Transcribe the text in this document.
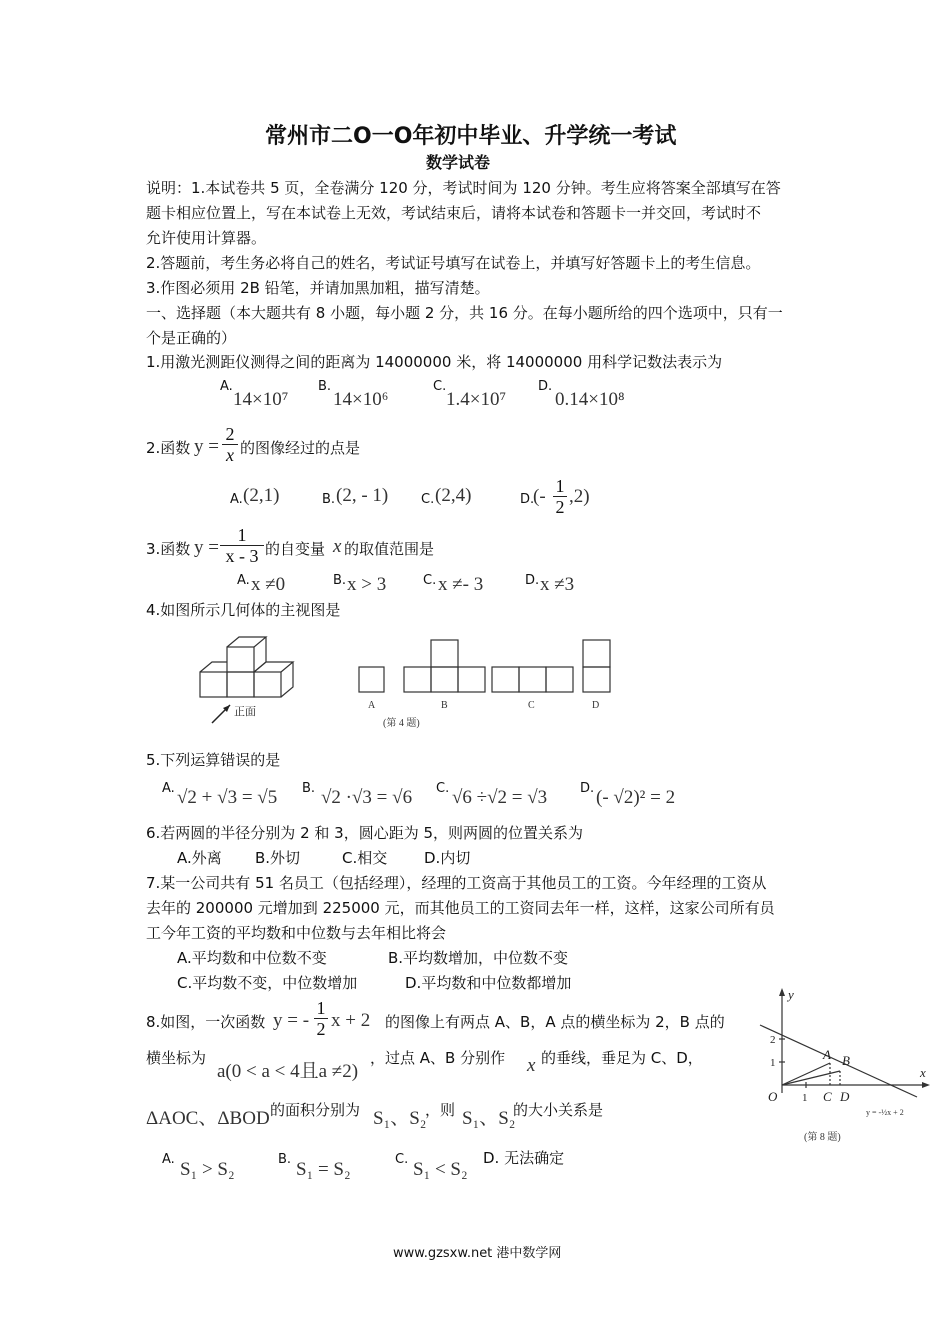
常州市二O一O年初中毕业、升学统一考试
数学试卷
说明：1.本试卷共 5 页，全卷满分 120 分，考试时间为 120 分钟。考生应将答案全部填写在答
题卡相应位置上，写在本试卷上无效，考试结束后，请将本试卷和答题卡一并交回，考试时不
允许使用计算器。
2.答题前，考生务必将自己的姓名，考试证号填写在试卷上，并填写好答题卡上的考生信息。
3.作图必须用 2B 铅笔，并请加黑加粗，描写清楚。
一、选择题（本大题共有 8 小题，每小题 2 分，共 16 分。在每小题所给的四个选项中，只有一
个是正确的）
1.用激光测距仪测得之间的距离为 14000000 米，将 14000000 用科学记数法表示为
A.
14×10⁷
B.
14×10⁶
C.
1.4×10⁷
D.
0.14×10⁸
2.函数 $y = \frac{2}{x}$ 的图像经过的点是
A. (2,1)	B. (2, - 1)	C. (2,4)	D.
(- $\frac{1}{2} ,2$)
3.函数 $y = \frac{1}{x - 3}$ 的自变量 x 的取值范围是
A. x ≠0	B. x > 3	C. x ≠- 3	D. x ≠3
4.如图所示几何体的主视图是
正面
A	B	C	D
(第 4 题)
5.下列运算错误的是
A. √2 + √3 = √5 B. √2 ·√3 = √6 C. √6 ÷√2 = √3	D. (- √2)² = 2
6.若两圆的半径分别为 2 和 3，圆心距为 5，则两圆的位置关系为
A.外离 B.外切	C.相交 D.内切
7.某一公司共有 51 名员工（包括经理），经理的工资高于其他员工的工资。今年经理的工资从
去年的 200000 元增加到 225000 元，而其他员工的工资同去年一样，这样，这家公司所有员
工今年工资的平均数和中位数与去年相比将会
A.平均数和中位数不变	B.平均数增加，中位数不变
C.平均数不变，中位数增加	D.平均数和中位数都增加
8.如图，一次函数 y = - $\frac{1}{2}$ x + 2 的图像上有两点 A、B，A 点的横坐标为 2，B 点的
横坐标为
a(0 < a < 4且a ≠2)
，过点 A、B 分别作 x 的垂线，垂足为 C、D，
ΔAOC、ΔBOD 的面积分别为 S₁、S₂
，则 S₁、S₂
的大小关系是
A. S₁ > S₂	B. S₁ = S₂	C. S₁ < S₂
D. 无法确定
y
x
O 1
1
2
A B
C D
y = -½x + 2
(第 8 题)
www.gzsxw.net 港中数学网
